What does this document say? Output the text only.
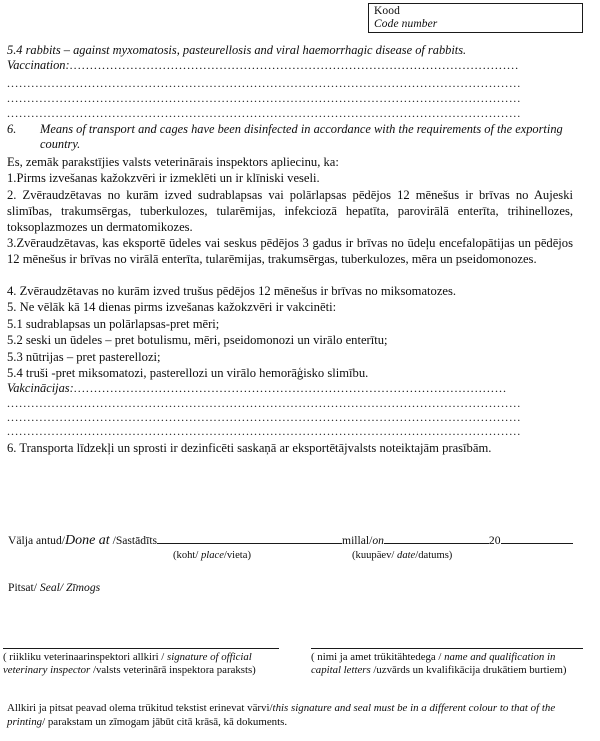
Kood
Code number
5.4 rabbits – against myxomatosis, pasteurellosis and viral haemorrhagic disease of rabbits.
Vaccination:...............................................................................................................
...............................................................................................................................
...............................................................................................................................
...............................................................................................................................
6. Means of transport and cages have been disinfected in accordance with the requirements of the exporting country.
Es, zemāk parakstījies valsts veterinārais inspektors apliecinu, ka:
1.Pirms izvešanas kažokzvēri ir izmeklēti un ir klīniski veseli.
2. Zvēraudzētavas no kurām izved sudrablapsas vai polārlapsas pēdējos 12 mēnešus ir brīvas no Aujeski slimības, trakumsērgas, tuberkulozes, tularēmijas, infekciozā hepatīta, parovirālā enterīta, trihinellozes, toksoplazmozes un dermatomikozes.
3.Zvēraudzētavas, kas eksportē ūdeles vai seskus pēdējos 3 gadus ir brīvas no ūdeļu encefalopātijas un pēdējos 12 mēnešus ir brīvas no virālā enterīta, tularēmijas, trakumsērgas, tuberkulozes, mēra un pseidomonozes.
4. Zvēraudzētavas no kurām izved trušus pēdējos 12 mēnešus ir brīvas no miksomatozes.
5. Ne vēlāk kā 14 dienas pirms izvešanas kažokzvēri ir vakcinēti:
5.1 sudrablapsas un polārlapsas-pret mēri;
5.2 seski un ūdeles – pret botulismu, mēri, pseidomonozi un virālo enterītu;
5.3 nūtrijas – pret pasterellozi;
5.4 truši -pret miksomatozi, pasterellozi un virālo hemorāģisko slimību.
Vakcinācijas:...........................................................................................................
...............................................................................................................................
...............................................................................................................................
...............................................................................................................................
6. Transporta līdzekļi un sprosti ir dezinficēti saskaņā ar eksportētājvalsts noteiktajām prasībām.
Välja antud/Done at /Sastādīts	millal/on	20
(koht/ place/vieta)	(kuupäev/ date/datums)
Pitsat/ Seal/ Zīmogs
( riikliku veterinaarinspektori allkiri / signature of official veterinary inspector /valsts veterinārā inspektora paraksts)
( nimi ja amet trükitähtedega / name and qualification in capital letters /uzvārds un kvalifikācija drukātiem burtiem)
Allkiri ja pitsat peavad olema trükitud tekstist erinevat värvi/this signature and seal must be in a different colour to that of the printing/ parakstam un zīmogam jābūt citā krāsā, kā dokuments.
